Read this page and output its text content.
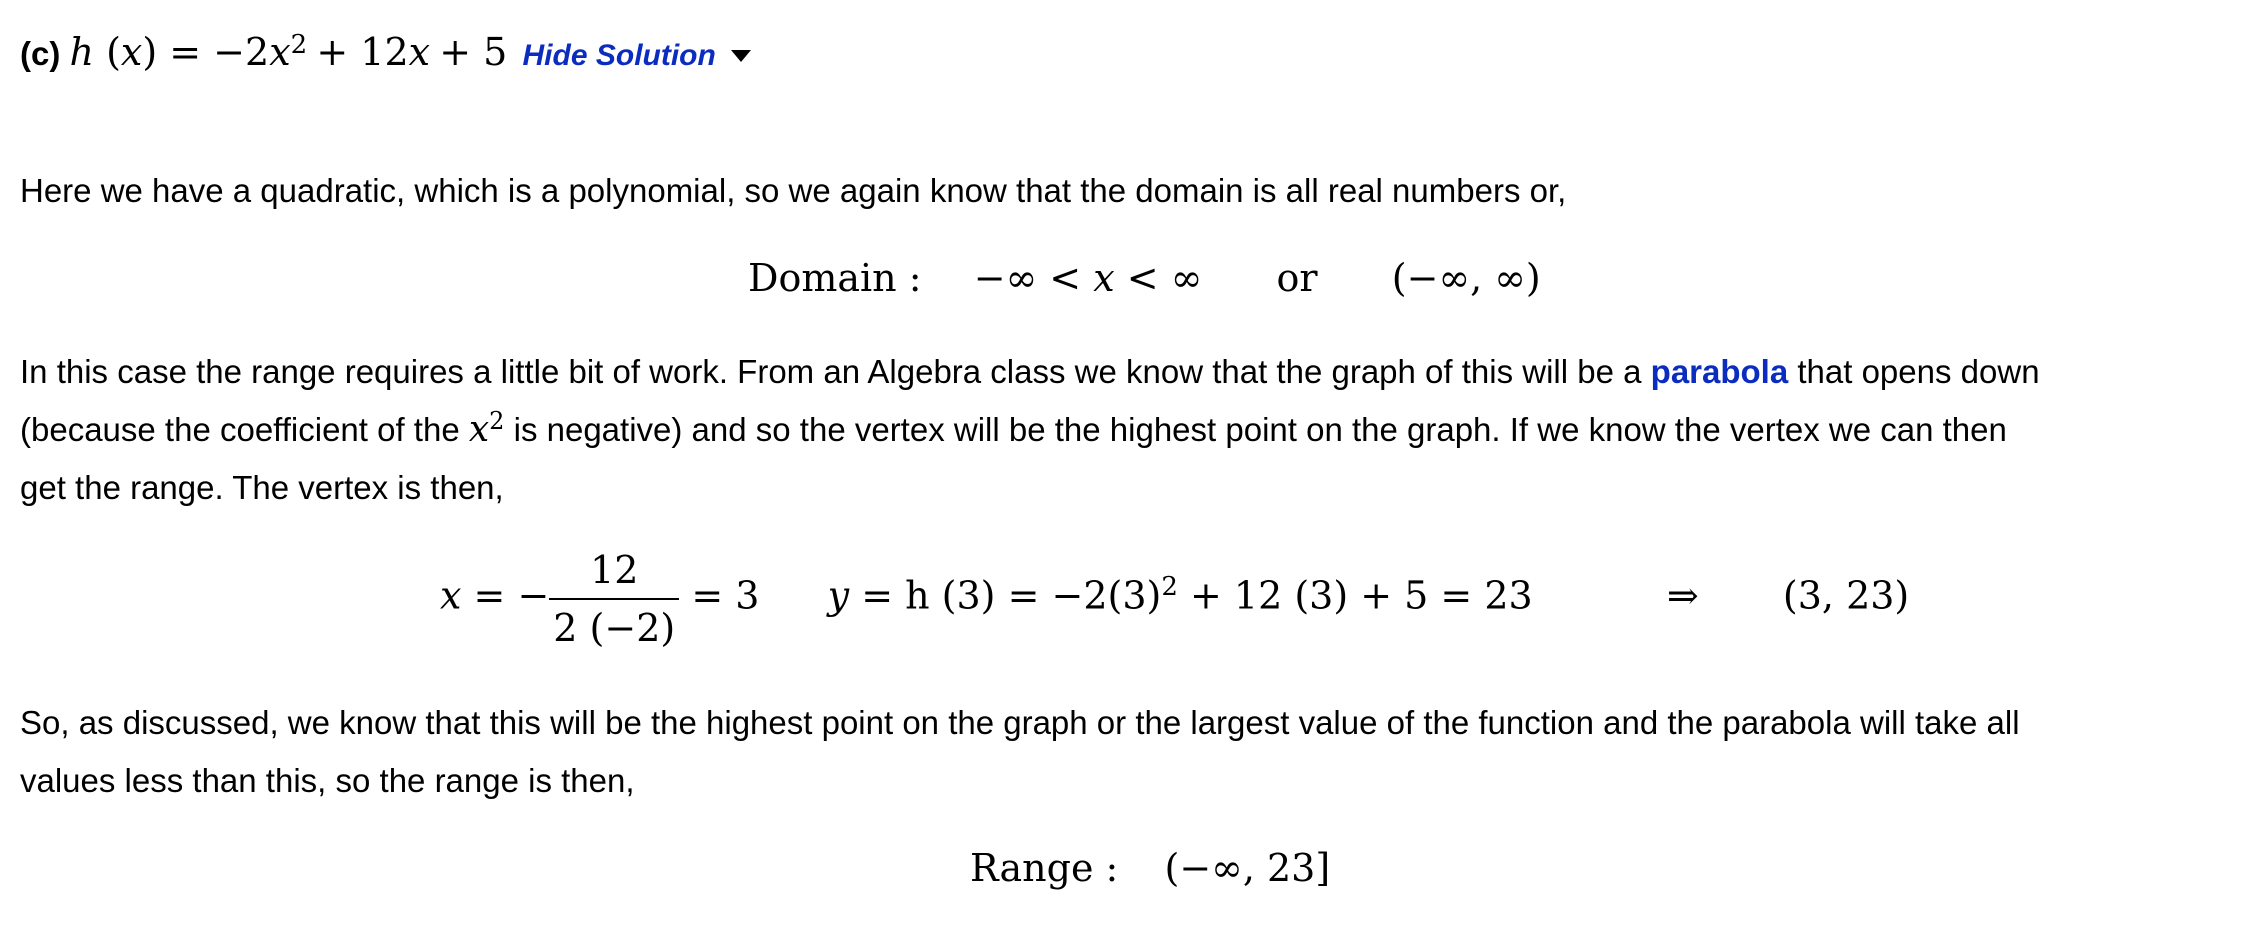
(c) h $(x) = -2x^2 + 12x + 5$ Hide Solution
Here we have a quadratic, which is a polynomial, so we again know that the domain is all real numbers or,
Domain : −∞ < x < ∞ or (−∞, ∞)
In this case the range requires a little bit of work. From an Algebra class we know that the graph of this will be a parabola that opens down
(because the coefficient of the $x^2$ is negative) and so the vertex will be the highest point on the graph. If we know the vertex we can then
get the range. The vertex is then,
x = − $\frac{12}{2 (-2)} = 3$ y = h $(3) = -2(3)^2 + 12$ (3) + 5 = 23	⇒ (3, 23)
So, as discussed, we know that this will be the highest point on the graph or the largest value of the function and the parabola will take all
values less than this, so the range is then,
Range : (−∞, 23]
